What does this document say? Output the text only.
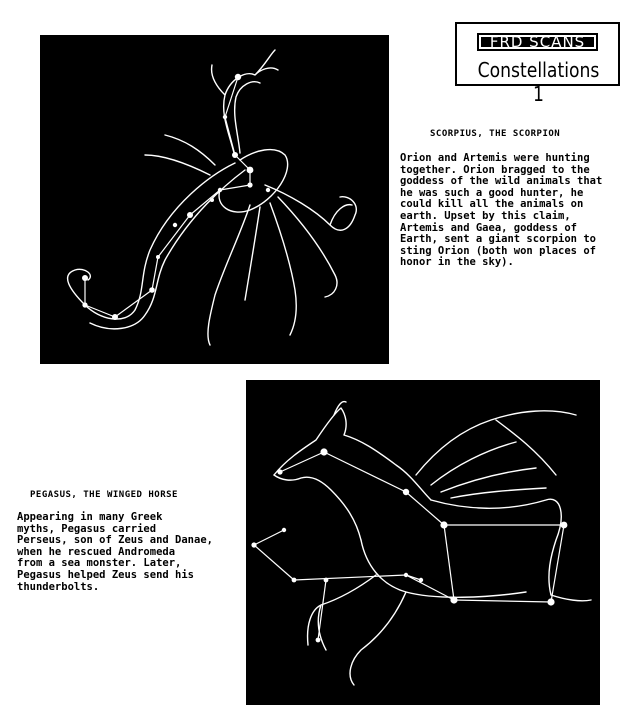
FRD SCANS
Constellations 1
SCORPIUS, THE SCORPION
Orion and Artemis were hunting
together. Orion bragged to the
goddess of the wild animals that
he was such a good hunter, he
could kill all the animals on
earth. Upset by this claim,
Artemis and Gaea, goddess of
Earth, sent a giant scorpion to
sting Orion (both won places of
honor in the sky).
PEGASUS, THE WINGED HORSE
Appearing in many Greek
myths, Pegasus carried
Perseus, son of Zeus and Danae,
when he rescued Andromeda
from a sea monster. Later,
Pegasus helped Zeus send his
thunderbolts.
